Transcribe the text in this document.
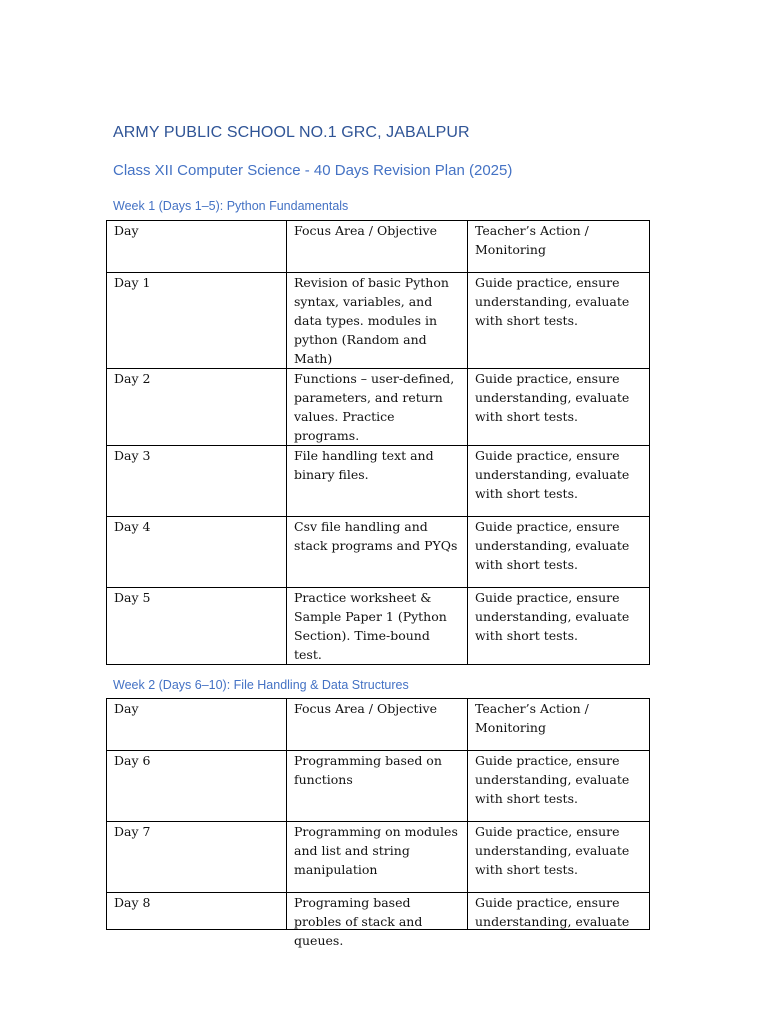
ARMY PUBLIC SCHOOL NO.1 GRC, JABALPUR
Class XII Computer Science - 40 Days Revision Plan (2025)
Week 1 (Days 1–5): Python Fundamentals
Day	Focus Area / Objective	Teacher’s Action / Monitoring

Day 1	Revision of basic Python syntax, variables, and data types. modules in python (Random and Math)	Guide practice, ensure understanding, evaluate with short tests.

Day 2	Functions – user-defined, parameters, and return values. Practice programs.	Guide practice, ensure understanding, evaluate with short tests.

Day 3	File handling text and binary files.	Guide practice, ensure understanding, evaluate with short tests.

Day 4	Csv file handling and stack programs and PYQs	Guide practice, ensure understanding, evaluate with short tests.

Day 5	Practice worksheet & Sample Paper 1 (Python Section). Time-bound test.	Guide practice, ensure understanding, evaluate with short tests.
Week 2 (Days 6–10): File Handling & Data Structures
Day	Focus Area / Objective	Teacher’s Action / Monitoring

Day 6	Programming based on functions	Guide practice, ensure understanding, evaluate with short tests.

Day 7	Programming on modules and list and string manipulation	Guide practice, ensure understanding, evaluate with short tests.

Day 8	Programing based probles of stack and queues.	Guide practice, ensure understanding, evaluate
